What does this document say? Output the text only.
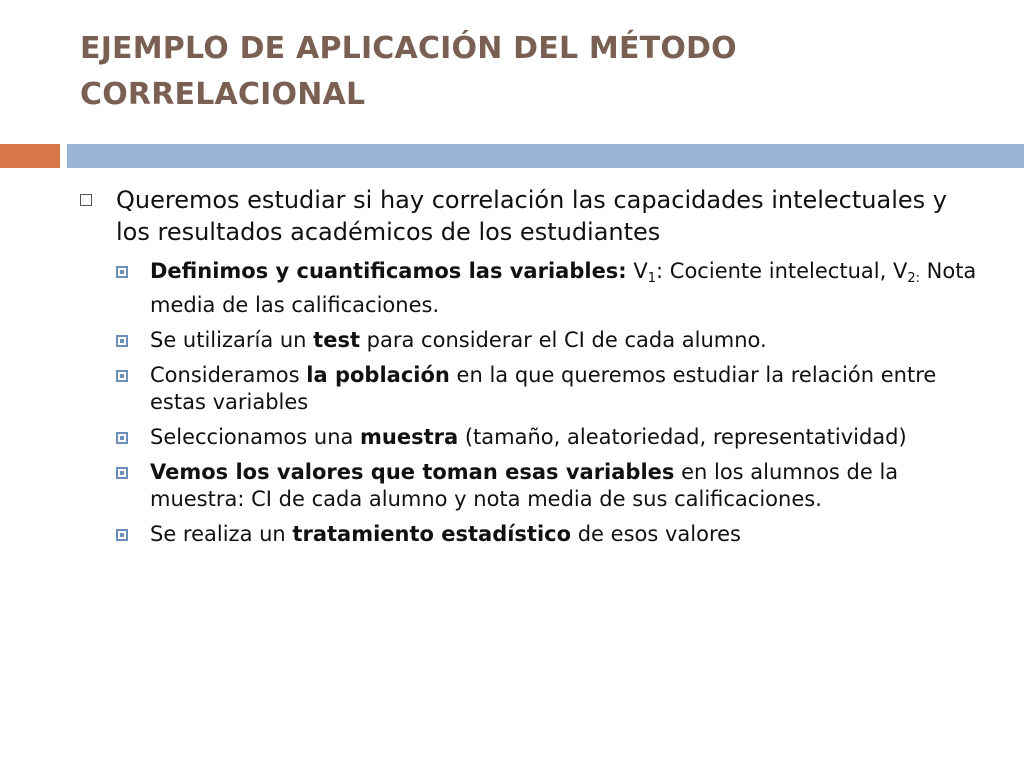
EJEMPLO DE APLICACIÓN DEL MÉTODO
CORRELACIONAL
Queremos estudiar si hay correlación las capacidades intelectuales y los resultados académicos de los estudiantes
Definimos y cuantificamos las variables: $V_1$: Cociente intelectual, $V_{2:}$ Nota media de las calificaciones.
Se utilizaría un test para considerar el CI de cada alumno.
Consideramos la población en la que queremos estudiar la relación entre estas variables
Seleccionamos una muestra (tamaño, aleatoriedad, representatividad)
Vemos los valores que toman esas variables en los alumnos de la muestra: CI de cada alumno y nota media de sus calificaciones.
Se realiza un tratamiento estadístico de esos valores
